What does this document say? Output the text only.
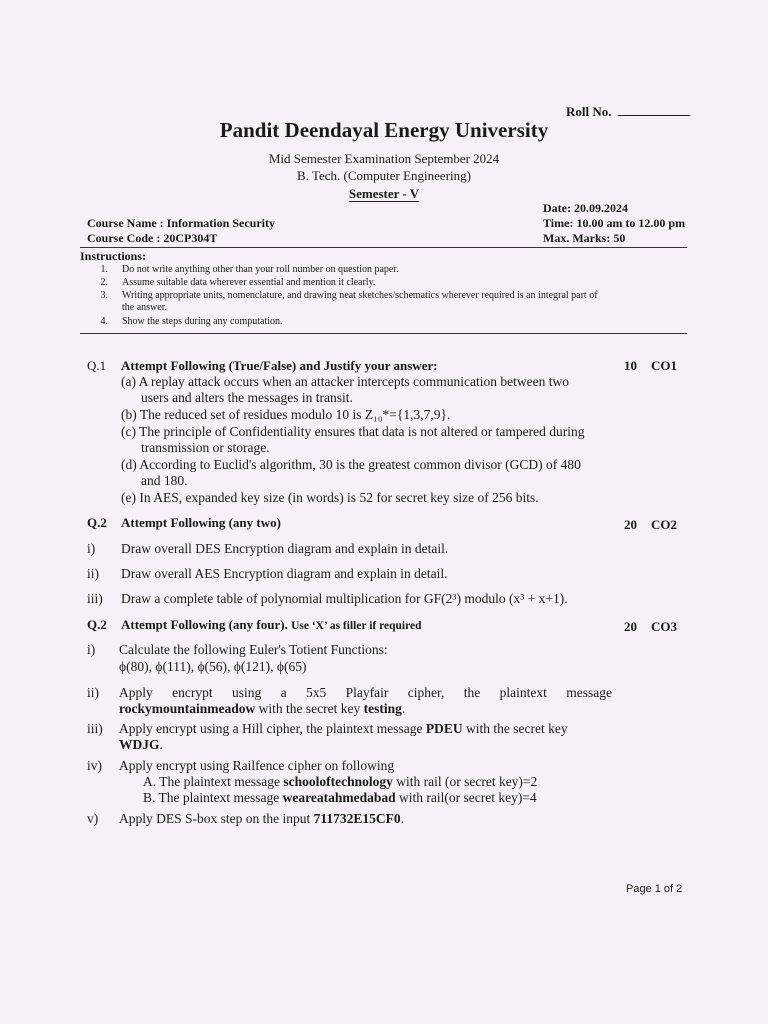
Roll No.
Pandit Deendayal Energy University
Mid Semester Examination September 2024
B. Tech. (Computer Engineering)
Semester - V
Date: 20.09.2024
Course Name : Information Security	Time: 10.00 am to 12.00 pm
Course Code : 20CP304T	Max. Marks: 50
Instructions:
1. Do not write anything other than your roll number on question paper.
2. Assume suitable data wherever essential and mention it clearly.
3. Writing appropriate units, nomenclature, and drawing neat sketches/schematics wherever required is an integral part of
the answer.
4. Show the steps during any computation.
Q.1 Attempt Following (True/False) and Justify your answer:	10 CO1
(a) A replay attack occurs when an attacker intercepts communication between two
users and alters the messages in transit.
(b) The reduced set of residues modulo 10 is Z₁₀*={1,3,7,9}.
(c) The principle of Confidentiality ensures that data is not altered or tampered during
transmission or storage.
(d) According to Euclid's algorithm, 30 is the greatest common divisor (GCD) of 480
and 180.
(e) In AES, expanded key size (in words) is 52 for secret key size of 256 bits.
Q.2 Attempt Following (any two)	20 CO2
i) Draw overall DES Encryption diagram and explain in detail.
ii) Draw overall AES Encryption diagram and explain in detail.
iii) Draw a complete table of polynomial multiplication for GF(2³) modulo (x³ + x+1).
Q.2 Attempt Following (any four). Use ‘X’ as filler if required	20 CO3
i) Calculate the following Euler's Totient Functions:
ϕ(80), ϕ(111), ϕ(56), ϕ(121), ϕ(65)
ii) Apply encrypt using a 5x5 Playfair cipher, the plaintext message
rockymountainmeadow with the secret key testing.
iii) Apply encrypt using a Hill cipher, the plaintext message PDEU with the secret key
WDJG.
iv) Apply encrypt using Railfence cipher on following
A. The plaintext message schooloftechnology with rail (or secret key)=2
B. The plaintext message weareatahmedabad with rail(or secret key)=4
v) Apply DES S-box step on the input 711732E15CF0.
Page 1 of 2
